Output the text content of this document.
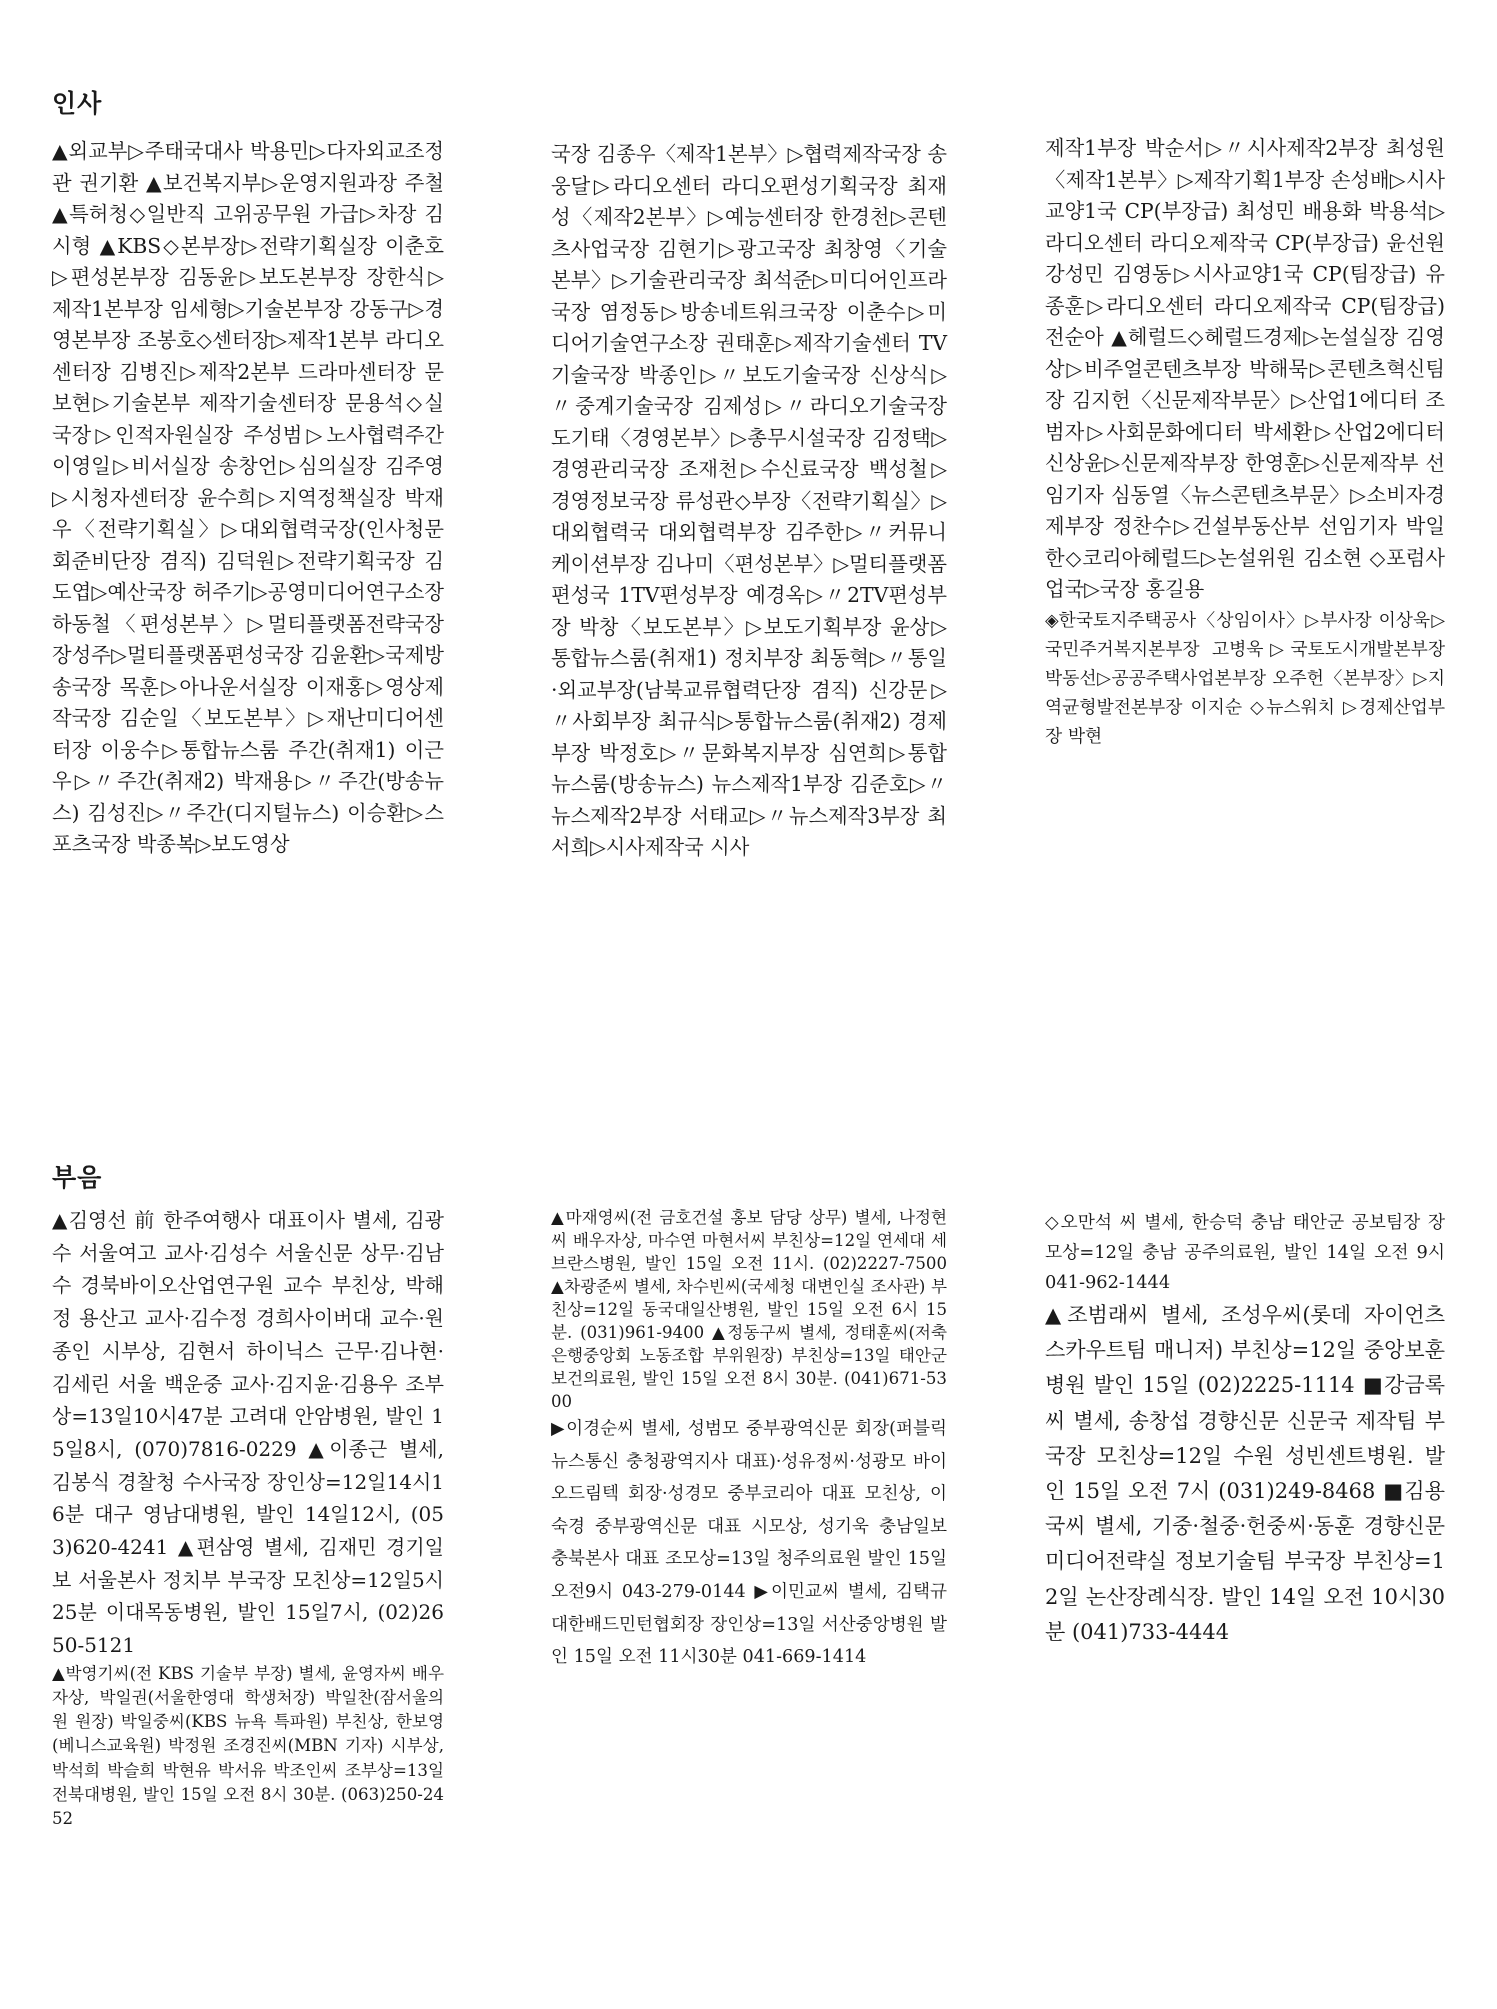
인사

▲외교부▷주태국대사 박용민▷다자외교조정관 권기환 ▲보건복지부▷운영지원과장 주철 ▲특허청◇일반직 고위공무원 가급▷차장 김시형 ▲KBS◇본부장▷전략기획실장 이춘호▷편성본부장 김동윤▷보도본부장 장한식▷제작1본부장 임세형▷기술본부장 강동구▷경영본부장 조봉호◇센터장▷제작1본부 라디오센터장 김병진▷제작2본부 드라마센터장 문보현▷기술본부 제작기술센터장 문용석◇실국장▷인적자원실장 주성범▷노사협력주간 이영일▷비서실장 송창언▷심의실장 김주영▷시청자센터장 윤수희▷지역정책실장 박재우〈전략기획실〉▷대외협력국장(인사청문회준비단장 겸직) 김덕원▷전략기획국장 김도엽▷예산국장 허주기▷공영미디어연구소장 하동철〈편성본부〉▷멀티플랫폼전략국장 장성주▷멀티플랫폼편성국장 김윤환▷국제방송국장 목훈▷아나운서실장 이재홍▷영상제작국장 김순일〈보도본부〉▷재난미디어센터장 이웅수▷통합뉴스룸 주간(취재1) 이근우▷〃주간(취재2) 박재용▷〃주간(방송뉴스) 김성진▷〃주간(디지털뉴스) 이승환▷스포츠국장 박종복▷보도영상

국장 김종우〈제작1본부〉▷협력제작국장 송웅달▷라디오센터 라디오편성기획국장 최재성〈제작2본부〉▷예능센터장 한경천▷콘텐츠사업국장 김현기▷광고국장 최창영〈기술본부〉▷기술관리국장 최석준▷미디어인프라국장 염정동▷방송네트워크국장 이춘수▷미디어기술연구소장 권태훈▷제작기술센터 TV기술국장 박종인▷〃보도기술국장 신상식▷〃중계기술국장 김제성▷〃라디오기술국장 도기태〈경영본부〉▷총무시설국장 김정택▷경영관리국장 조재천▷수신료국장 백성철▷경영정보국장 류성관◇부장〈전략기획실〉▷대외협력국 대외협력부장 김주한▷〃커뮤니케이션부장 김나미〈편성본부〉▷멀티플랫폼편성국 1TV편성부장 예경옥▷〃2TV편성부장 박창〈보도본부〉▷보도기획부장 윤상▷통합뉴스룸(취재1) 정치부장 최동혁▷〃통일·외교부장(남북교류협력단장 겸직) 신강문▷〃사회부장 최규식▷통합뉴스룸(취재2) 경제부장 박정호▷〃문화복지부장 심연희▷통합뉴스룸(방송뉴스) 뉴스제작1부장 김준호▷〃뉴스제작2부장 서태교▷〃뉴스제작3부장 최서희▷시사제작국 시사

제작1부장 박순서▷〃시사제작2부장 최성원〈제작1본부〉▷제작기획1부장 손성배▷시사교양1국 CP(부장급) 최성민 배용화 박용석▷라디오센터 라디오제작국 CP(부장급) 윤선원 강성민 김영동▷시사교양1국 CP(팀장급) 유종훈▷라디오센터 라디오제작국 CP(팀장급) 전순아 ▲헤럴드◇헤럴드경제▷논설실장 김영상▷비주얼콘텐츠부장 박해묵▷콘텐츠혁신팀장 김지헌〈신문제작부문〉▷산업1에디터 조범자▷사회문화에디터 박세환▷산업2에디터 신상윤▷신문제작부장 한영훈▷신문제작부 선임기자 심동열〈뉴스콘텐츠부문〉▷소비자경제부장 정찬수▷건설부동산부 선임기자 박일한◇코리아헤럴드▷논설위원 김소현 ◇포럼사업국▷국장 홍길용
◈한국토지주택공사〈상임이사〉▷부사장 이상욱▷국민주거복지본부장 고병욱▷국토도시개발본부장 박동선▷공공주택사업본부장 오주헌〈본부장〉▷지역균형발전본부장 이지순 ◇뉴스워치 ▷경제산업부장 박현
부음
▲김영선 前 한주여행사 대표이사 별세, 김광수 서울여고 교사·김성수 서울신문 상무·김남수 경북바이오산업연구원 교수 부친상, 박해정 용산고 교사·김수정 경희사이버대 교수·원종인 시부상, 김현서 하이닉스 근무·김나현·김세린 서울 백운중 교사·김지윤·김용우 조부상=13일10시47분 고려대 안암병원, 발인 15일8시, (070)7816-0229 ▲이종근 별세, 김봉식 경찰청 수사국장 장인상=12일14시16분 대구 영남대병원, 발인 14일12시, (053)620-4241 ▲편삼영 별세, 김재민 경기일보 서울본사 정치부 부국장 모친상=12일5시25분 이대목동병원, 발인 15일7시, (02)2650-5121
▲박영기씨(전 KBS 기술부 부장) 별세, 윤영자씨 배우자상, 박일권(서울한영대 학생처장) 박일찬(잠서울의원 원장) 박일중씨(KBS 뉴욕 특파원) 부친상, 한보영(베니스교육원) 박정원 조경진씨(MBN 기자) 시부상, 박석희 박슬희 박현유 박서유 박조인씨 조부상=13일 전북대병원, 발인 15일 오전 8시 30분. (063)250-2452
▲마재영씨(전 금호건설 홍보 담당 상무) 별세, 나정현씨 배우자상, 마수연 마현서씨 부친상=12일 연세대 세브란스병원, 발인 15일 오전 11시. (02)2227-7500 ▲차광준씨 별세, 차수빈씨(국세청 대변인실 조사관) 부친상=12일 동국대일산병원, 발인 15일 오전 6시 15분. (031)961-9400 ▲정동구씨 별세, 정태훈씨(저축은행중앙회 노동조합 부위원장) 부친상=13일 태안군 보건의료원, 발인 15일 오전 8시 30분. (041)671-5300
▶이경순씨 별세, 성범모 중부광역신문 회장(퍼블릭뉴스통신 충청광역지사 대표)·성유정씨·성광모 바이오드림텍 회장·성경모 중부코리아 대표 모친상, 이숙경 중부광역신문 대표 시모상, 성기욱 충남일보 충북본사 대표 조모상=13일 청주의료원 발인 15일 오전9시 043-279-0144 ▶이민교씨 별세, 김택규 대한배드민턴협회장 장인상=13일 서산중앙병원 발인 15일 오전 11시30분 041-669-1414
◇오만석 씨 별세, 한승덕 충남 태안군 공보팀장 장모상=12일 충남 공주의료원, 발인 14일 오전 9시 041-962-1444
▲조범래씨 별세, 조성우씨(롯데 자이언츠 스카우트팀 매니저) 부친상=12일 중앙보훈병원 발인 15일 (02)2225-1114 ■강금록씨 별세, 송창섭 경향신문 신문국 제작팀 부국장 모친상=12일 수원 성빈센트병원. 발인 15일 오전 7시 (031)249-8468 ■김용국씨 별세, 기중·철중·헌중씨·동훈 경향신문 미디어전략실 정보기술팀 부국장 부친상=12일 논산장례식장. 발인 14일 오전 10시30분 (041)733-4444
